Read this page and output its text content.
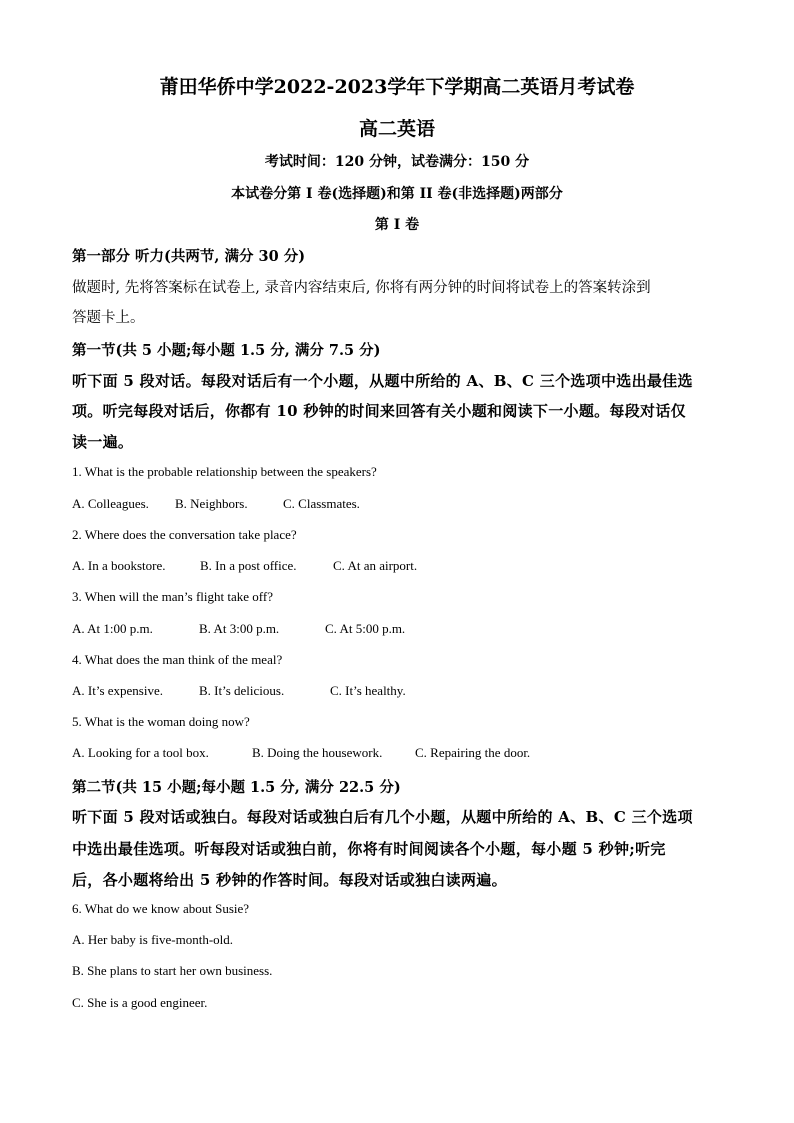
莆田华侨中学2022-2023学年下学期高二英语月考试卷
高二英语
考试时间：120 分钟，试卷满分：150 分
本试卷分第 I 卷(选择题)和第 II 卷(非选择题)两部分
第 I 卷
第一部分 听力(共两节, 满分 30 分)
做题时, 先将答案标在试卷上, 录音内容结束后, 你将有两分钟的时间将试卷上的答案转涂到
答题卡上。
第一节(共 5 小题;每小题 1.5 分, 满分 7.5 分)
听下面 5 段对话。每段对话后有一个小题，从题中所给的 A、B、C 三个选项中选出最佳选
项。听完每段对话后，你都有 10 秒钟的时间来回答有关小题和阅读下一小题。每段对话仅
读一遍。
1. What is the probable relationship between the speakers?
A. Colleagues. B. Neighbors.	C. Classmates.
2. Where does the conversation take place?
A. In a bookstore.	B. In a post office.	C. At an airport.
3. When will the man’s flight take off?
A. At 1:00 p.m.	B. At 3:00 p.m.	C. At 5:00 p.m.
4. What does the man think of the meal?
A. It’s expensive.	B. It’s delicious.	C. It’s healthy.
5. What is the woman doing now?
A. Looking for a tool box.	B. Doing the housework.	C. Repairing the door.
第二节(共 15 小题;每小题 1.5 分, 满分 22.5 分)
听下面 5 段对话或独白。每段对话或独白后有几个小题，从题中所给的 A、B、C 三个选项
中选出最佳选项。听每段对话或独白前，你将有时间阅读各个小题，每小题 5 秒钟;听完
后，各小题将给出 5 秒钟的作答时间。每段对话或独白读两遍。
6. What do we know about Susie?
A. Her baby is five-month-old.
B. She plans to start her own business.
C. She is a good engineer.
